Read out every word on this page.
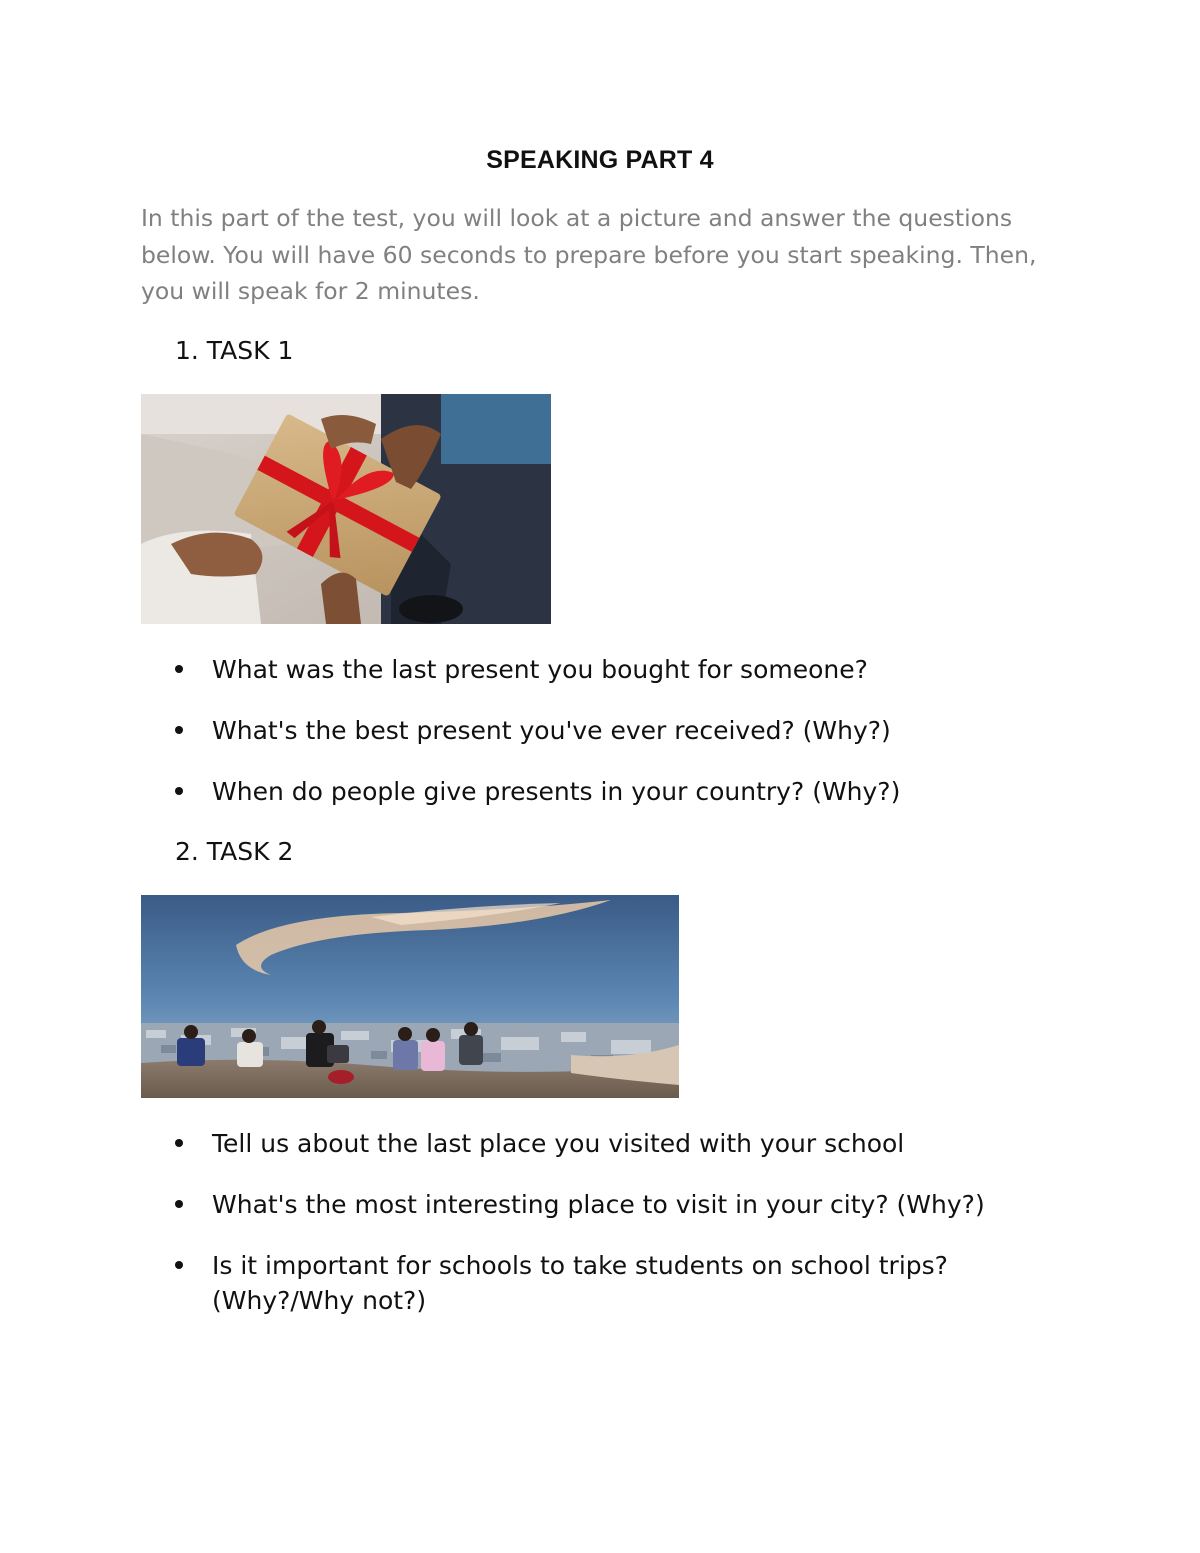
SPEAKING PART 4
In this part of the test, you will look at a picture and answer the questions below. You will have 60 seconds to prepare before you start speaking. Then, you will speak for 2 minutes.
1. TASK 1
What was the last present you bought for someone?
What's the best present you've ever received? (Why?)
When do people give presents in your country? (Why?)
2. TASK 2
Tell us about the last place you visited with your school
What's the most interesting place to visit in your city? (Why?)
Is it important for schools to take students on school trips? (Why?/Why not?)
